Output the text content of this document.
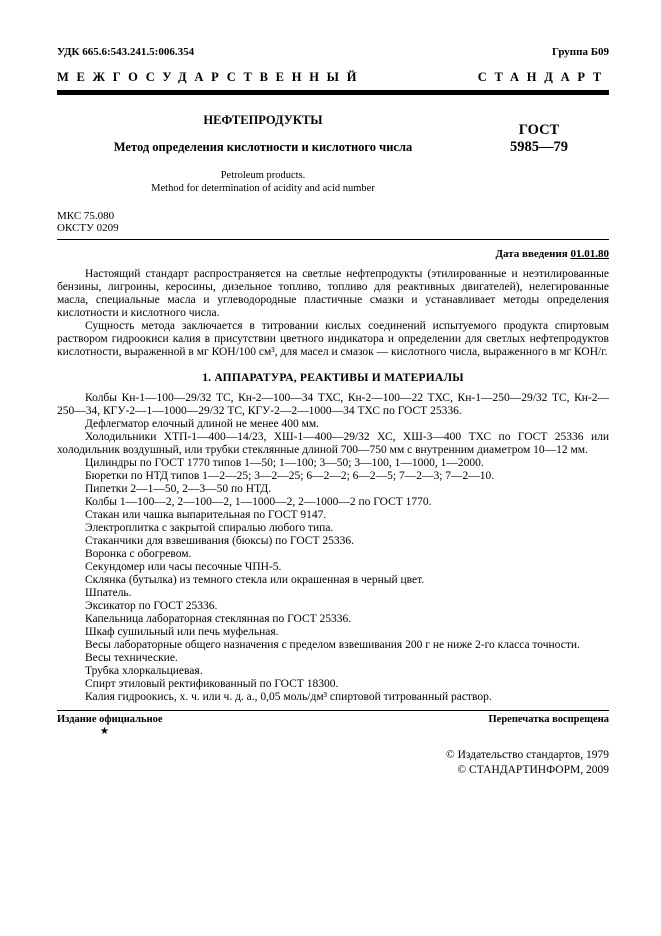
УДК 665.6:543.241.5:006.354	Группа Б09
МЕЖГОСУДАРСТВЕННЫЙ	СТАНДАРТ
НЕФТЕПРОДУКТЫ
Метод определения кислотности и кислотного числа
Petroleum products.
Method for determination of acidity and acid number
ГОСТ
5985—79
МКС 75.080
ОКСТУ 0209
Дата введения 01.01.80

Настоящий стандарт распространяется на светлые нефтепродукты (этилированные и неэтилированные бензины, лигроины, керосины, дизельное топливо, топливо для реактивных двигателей), нелегированные масла, специальные масла и углеводородные пластичные смазки и устанавливает методы определения кислотности и кислотного числа.

Сущность метода заключается в титровании кислых соединений испытуемого продукта спиртовым раствором гидроокиси калия в присутствии цветного индикатора и определении для светлых нефтепродуктов кислотности, выраженной в мг КОН/100 см³, для масел и смазок — кислотного числа, выраженного в мг КОН/г.

1. АППАРАТУРА, РЕАКТИВЫ И МАТЕРИАЛЫ

Колбы Кн-1—100—29/32 ТС, Кн-2—100—34 ТХС, Кн-2—100—22 ТХС, Кн-1—250—29/32 ТС, Кн-2—250—34, КГУ-2—1—1000—29/32 ТС, КГУ-2—2—1000—34 ТХС по ГОСТ 25336.

Дефлегматор елочный длиной не менее 400 мм.

Холодильники ХТП-1—400—14/23, ХШ-1—400—29/32 ХС, ХШ-3—400 ТХС по ГОСТ 25336 или холодильник воздушный, или трубки стеклянные длиной 700—750 мм с внутренним диаметром 10—12 мм.

Цилиндры по ГОСТ 1770 типов 1—50; 1—100; 3—50; 3—100, 1—1000, 1—2000.

Бюретки по НТД типов 1—2—25; 3—2—25; 6—2—2; 6—2—5; 7—2—3; 7—2—10.

Пипетки 2—1—50, 2—3—50 по НТД.

Колбы 1—100—2, 2—100—2, 1—1000—2, 2—1000—2 по ГОСТ 1770.

Стакан или чашка выпарительная по ГОСТ 9147.

Электроплитка с закрытой спиралью любого типа.

Стаканчики для взвешивания (бюксы) по ГОСТ 25336.

Воронка с обогревом.

Секундомер или часы песочные ЧПН-5.

Склянка (бутылка) из темного стекла или окрашенная в черный цвет.

Шпатель.

Эксикатор по ГОСТ 25336.

Капельница лабораторная стеклянная по ГОСТ 25336.

Шкаф сушильный или печь муфельная.

Весы лабораторные общего назначения с пределом взвешивания 200 г не ниже 2-го класса точности.

Весы технические.

Трубка хлоркальциевая.

Спирт этиловый ректификованный по ГОСТ 18300.

Калия гидроокись, х. ч. или ч. д. а., 0,05 моль/дм³ спиртовой титрованный раствор.

Издание официальное	Перепечатка воспрещена
★
© Издательство стандартов, 1979
© СТАНДАРТИНФОРМ, 2009
